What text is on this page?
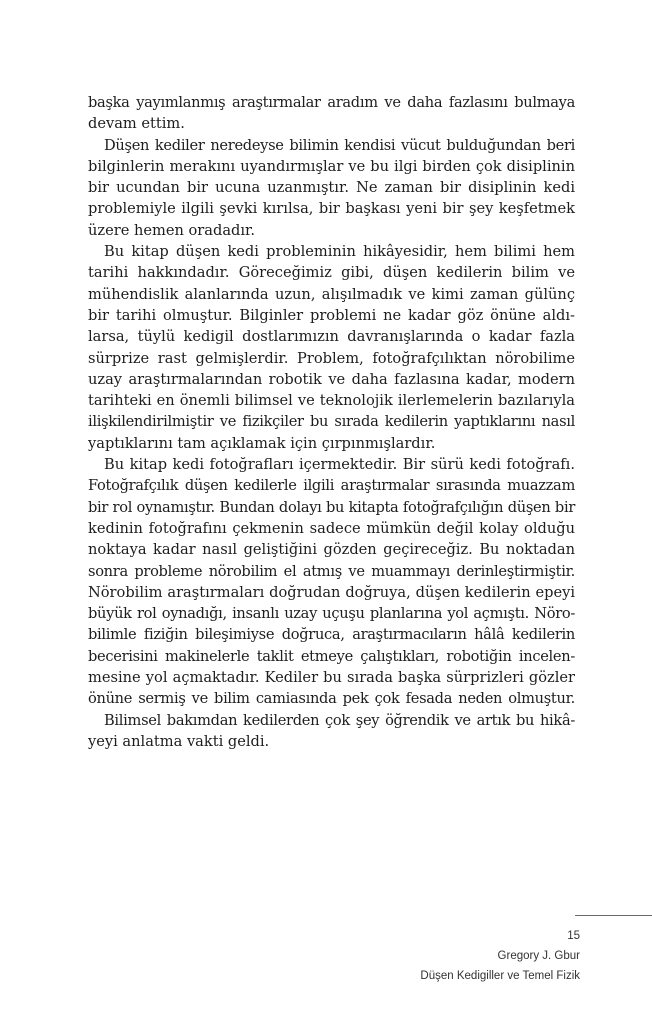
başka yayımlanmış araştırmalar aradım ve daha fazlasını bulmaya
devam ettim.
Düşen kediler neredeyse bilimin kendisi vücut bulduğundan beri
bilginlerin merakını uyandırmışlar ve bu ilgi birden çok disiplinin
bir ucundan bir ucuna uzanmıştır. Ne zaman bir disiplinin kedi
problemiyle ilgili şevki kırılsa, bir başkası yeni bir şey keşfetmek
üzere hemen oradadır.
Bu kitap düşen kedi probleminin hikâyesidir, hem bilimi hem
tarihi hakkındadır. Göreceğimiz gibi, düşen kedilerin bilim ve
mühendislik alanlarında uzun, alışılmadık ve kimi zaman gülünç
bir tarihi olmuştur. Bilginler problemi ne kadar göz önüne aldı-
larsa, tüylü kedigil dostlarımızın davranışlarında o kadar fazla
sürprize rast gelmişlerdir. Problem, fotoğrafçılıktan nörobilime
uzay araştırmalarından robotik ve daha fazlasına kadar, modern
tarihteki en önemli bilimsel ve teknolojik ilerlemelerin bazılarıyla
ilişkilendirilmiştir ve fizikçiler bu sırada kedilerin yaptıklarını nasıl
yaptıklarını tam açıklamak için çırpınmışlardır.
Bu kitap kedi fotoğrafları içermektedir. Bir sürü kedi fotoğrafı.
Fotoğrafçılık düşen kedilerle ilgili araştırmalar sırasında muazzam
bir rol oynamıştır. Bundan dolayı bu kitapta fotoğrafçılığın düşen bir
kedinin fotoğrafını çekmenin sadece mümkün değil kolay olduğu
noktaya kadar nasıl geliştiğini gözden geçireceğiz. Bu noktadan
sonra probleme nörobilim el atmış ve muammayı derinleştirmiştir.
Nörobilim araştırmaları doğrudan doğruya, düşen kedilerin epeyi
büyük rol oynadığı, insanlı uzay uçuşu planlarına yol açmıştı. Nöro-
bilimle fiziğin bileşimiyse doğruca, araştırmacıların hâlâ kedilerin
becerisini makinelerle taklit etmeye çalıştıkları, robotiğin incelen-
mesine yol açmaktadır. Kediler bu sırada başka sürprizleri gözler
önüne sermiş ve bilim camiasında pek çok fesada neden olmuştur.
Bilimsel bakımdan kedilerden çok şey öğrendik ve artık bu hikâ-
yeyi anlatma vakti geldi.
15
Gregory J. Gbur
Düşen Kedigiller ve Temel Fizik
